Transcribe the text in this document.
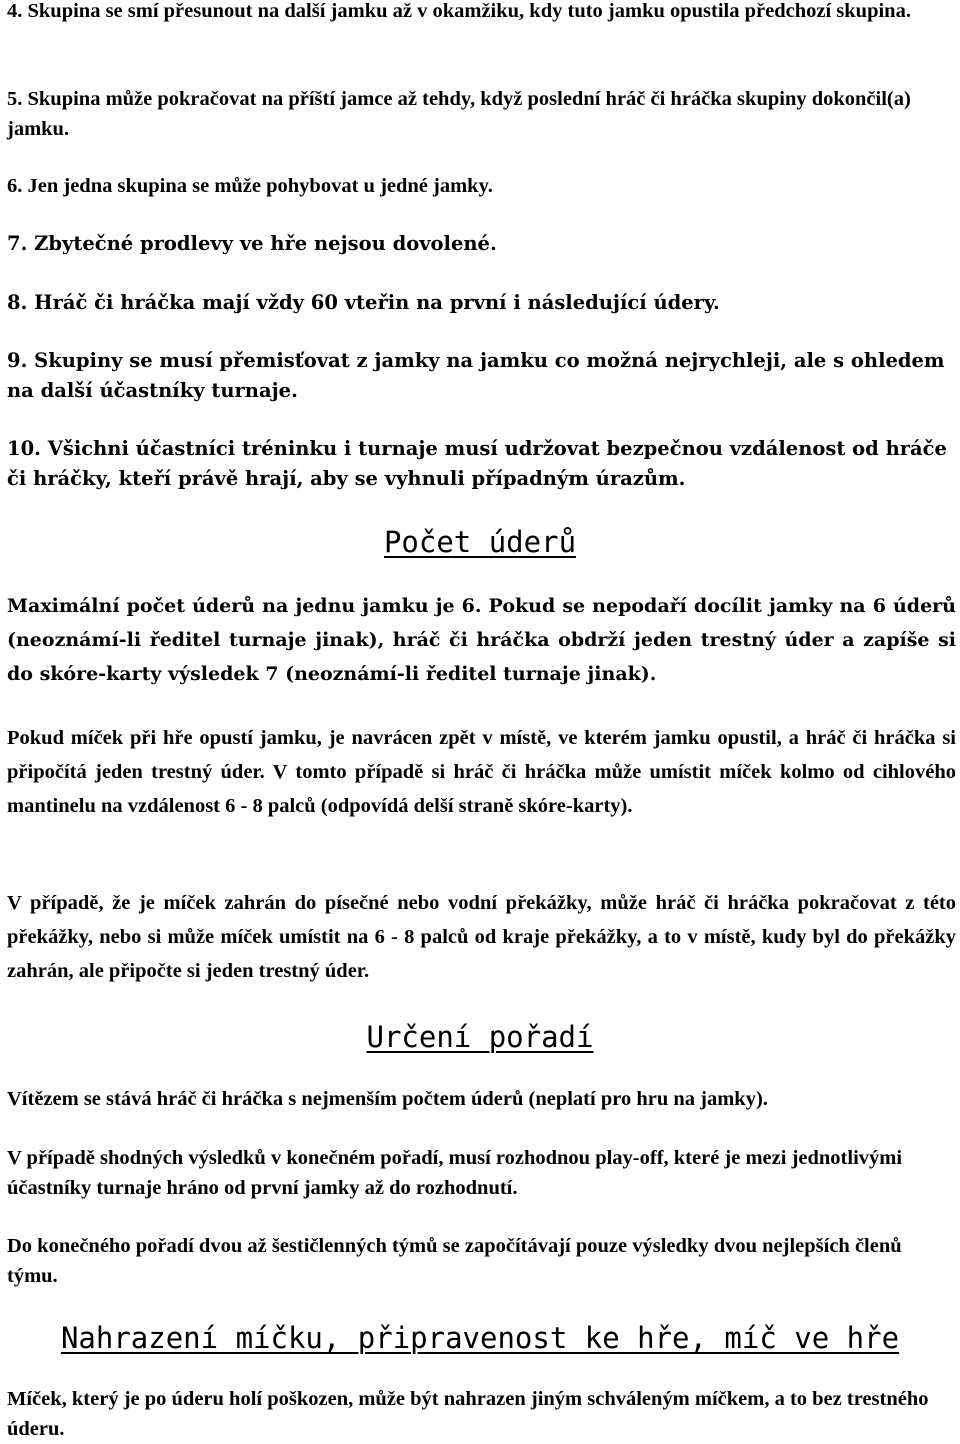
4. Skupina se smí přesunout na další jamku až v okamžiku, kdy tuto jamku opustila předchozí skupina.

5. Skupina může pokračovat na příští jamce až tehdy, když poslední hráč či hráčka skupiny dokončil(a) jamku.

6. Jen jedna skupina se může pohybovat u jedné jamky.

7. Zbytečné prodlevy ve hře nejsou dovolené.

8. Hráč či hráčka mají vždy 60 vteřin na první i následující údery.

9. Skupiny se musí přemisťovat z jamky na jamku co možná nejrychleji, ale s ohledem na další účastníky turnaje.

10. Všichni účastníci tréninku i turnaje musí udržovat bezpečnou vzdálenost od hráče či hráčky, kteří právě hrají, aby se vyhnuli případným úrazům.

Počet úderů

Maximální počet úderů na jednu jamku je 6. Pokud se nepodaří docílit jamky na 6 úderů (neoznámí-li ředitel turnaje jinak), hráč či hráčka obdrží jeden trestný úder a zapíše si do skóre-karty výsledek 7 (neoznámí-li ředitel turnaje jinak).

Pokud míček při hře opustí jamku, je navrácen zpět v místě, ve kterém jamku opustil, a hráč či hráčka si připočítá jeden trestný úder. V tomto případě si hráč či hráčka může umístit míček kolmo od cihlového mantinelu na vzdálenost 6 - 8 palců (odpovídá delší straně skóre-karty).

V případě, že je míček zahrán do písečné nebo vodní překážky, může hráč či hráčka pokračovat z této překážky, nebo si může míček umístit na 6 - 8 palců od kraje překážky, a to v místě, kudy byl do překážky zahrán, ale připočte si jeden trestný úder.

Určení pořadí

Vítězem se stává hráč či hráčka s nejmenším počtem úderů (neplatí pro hru na jamky).

V případě shodných výsledků v konečném pořadí, musí rozhodnou play-off, které je mezi jednotlivými účastníky turnaje hráno od první jamky až do rozhodnutí.

Do konečného pořadí dvou až šestičlenných týmů se započítávají pouze výsledky dvou nejlepších členů týmu.

Nahrazení míčku, připravenost ke hře, míč ve hře

Míček, který je po úderu holí poškozen, může být nahrazen jiným schváleným míčkem, a to bez trestného úderu.
